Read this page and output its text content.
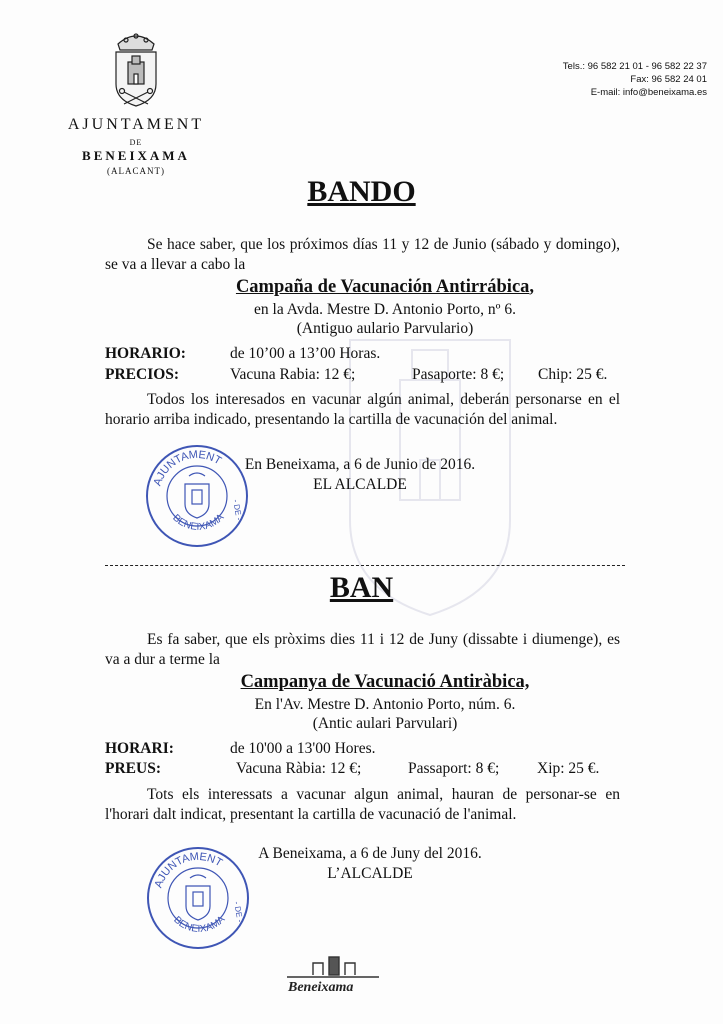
AJUNTAMENT
DE
BENEIXAMA
(ALACANT)
Tels.: 96 582 21 01 - 96 582 22 37
Fax: 96 582 24 01
E-mail: info@beneixama.es
BANDO
Se hace saber, que los próximos días 11 y 12 de Junio (sábado y domingo), se va a llevar a cabo la
Campaña de Vacunación Antirrábica,
en la Avda. Mestre D. Antonio Porto, nº 6.
(Antiguo aulario Parvulario)
HORARIO:	de 10’00 a 13’00 Horas.
PRECIOS:	Vacuna Rabia: 12 €;	Pasaporte: 8 €; Chip: 25 €.
Todos los interesados en vacunar algún animal, deberán personarse en el horario arriba indicado, presentando la cartilla de vacunación del animal.
En Beneixama, a 6 de Junio de 2016.
EL ALCALDE
AJUNTAMENT
BENEIXAMA - DE -
BAN
Es fa saber, que els pròxims dies 11 i 12 de Juny (dissabte i diumenge), es va a dur a terme la
Campanya de Vacunació Antiràbica,
En l'Av. Mestre D. Antonio Porto, núm. 6.
(Antic aulari Parvulari)
HORARI:	de 10'00 a 13'00 Hores.
PREUS:	Vacuna Ràbia: 12 €;	Passaport: 8 €; Xip: 25 €.
Tots els interessats a vacunar algun animal, hauran de personar-se en l'horari dalt indicat, presentant la cartilla de vacunació de l'animal.
A Beneixama, a 6 de Juny del 2016.
L’ALCALDE
AJUNTAMENT
BENEIXAMA - DE -
Beneixama
